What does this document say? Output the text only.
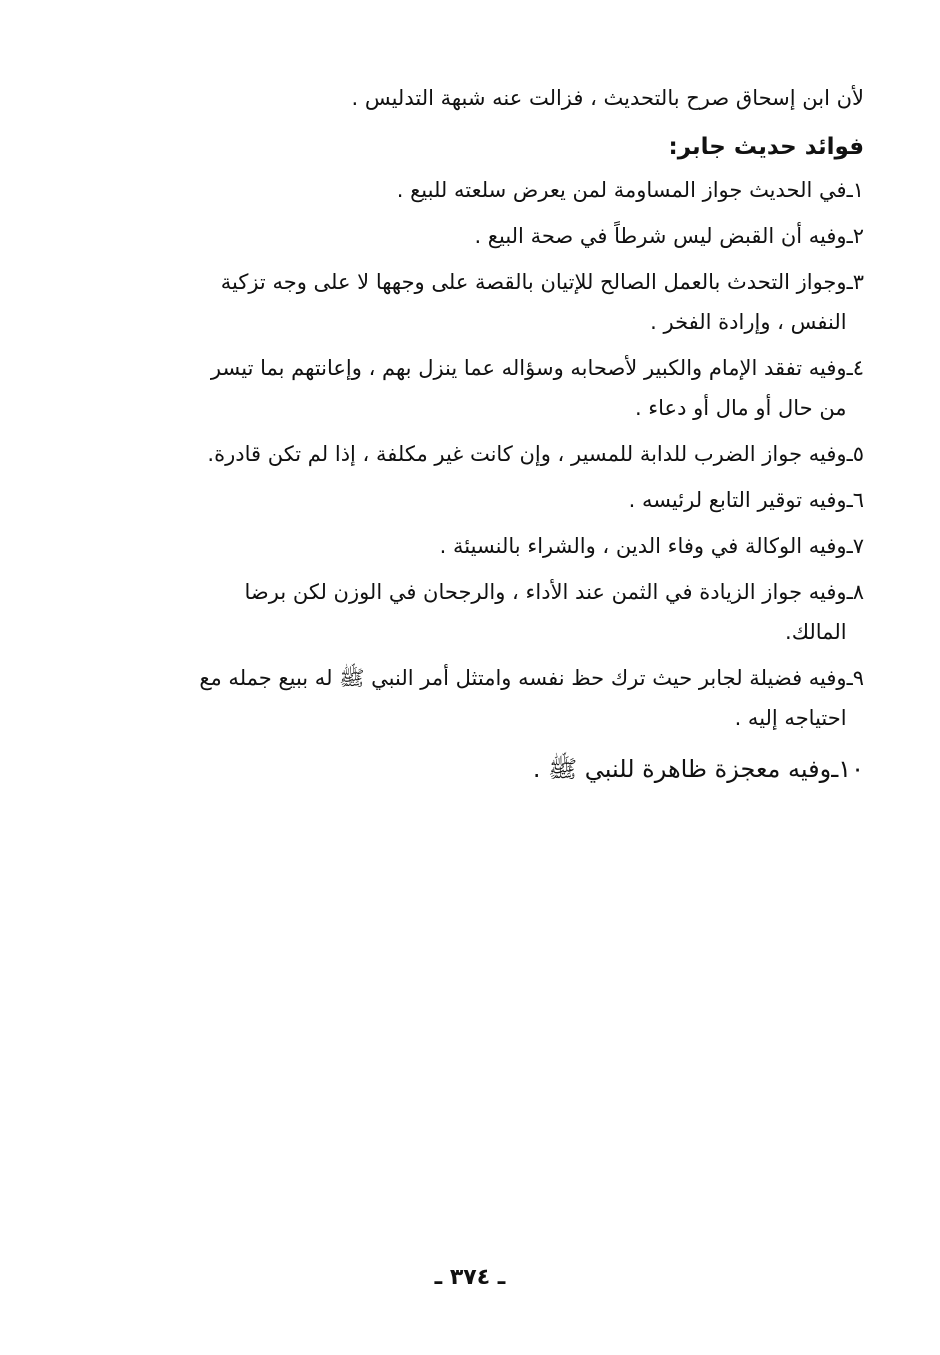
لأن ابن إسحاق صرح بالتحديث ، فزالت عنه شبهة التدليس .
فوائد حديث جابر:
١ـ
في الحديث جواز المساومة لمن يعرض سلعته للبيع .
٢ـ
وفيه أن القبض ليس شرطاً في صحة البيع .
٣ـ
وجواز التحدث بالعمل الصالح للإتيان بالقصة على وجهها لا على وجه تزكية
النفس ، وإرادة الفخر .
٤ـ
وفيه تفقد الإمام والكبير لأصحابه وسؤاله عما ينزل بهم ، وإعانتهم بما تيسر
من حال أو مال أو دعاء .
٥ـ
وفيه جواز الضرب للدابة للمسير ، وإن كانت غير مكلفة ، إذا لم تكن قادرة.
٦ـ
وفيه توقير التابع لرئيسه .
٧ـ
وفيه الوكالة في وفاء الدين ، والشراء بالنسيئة .
٨ـ
وفيه جواز الزيادة في الثمن عند الأداء ، والرجحان في الوزن لكن برضا
المالك.
٩ـ
وفيه فضيلة لجابر حيث ترك حظ نفسه وامتثل أمر النبي ﷺ له ببيع جمله مع
احتياجه إليه .
١٠ـ
وفيه معجزة ظاهرة للنبي ﷺ .
ـ ٣٧٤ ـ
